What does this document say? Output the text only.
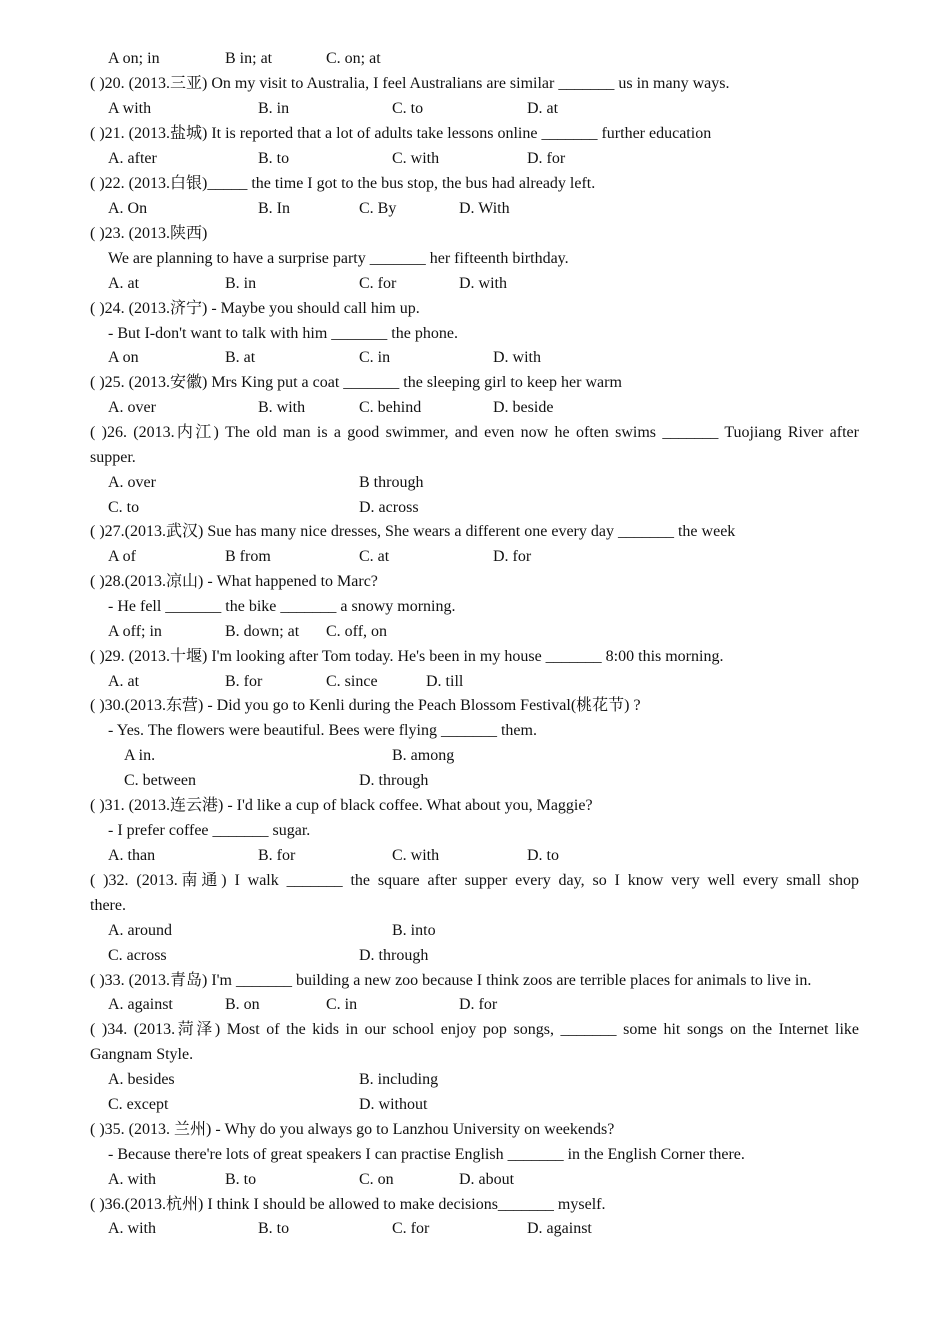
A on; in	B in; at	C. on; at
( )20. (2013.三亚) On my visit to Australia, I feel Australians are similar _______ us in many ways.
A with	B. in	C. to	D. at
( )21. (2013.盐城) It is reported that a lot of adults take lessons online _______ further education
A. after	B. to	C. with	D. for
( )22. (2013.白银)_____ the time I got to the bus stop, the bus had already left.
A. On	B. In	C. By	D. With
( )23. (2013.陕西)
We are planning to have a surprise party _______ her fifteenth birthday.
A. at	B. in	C. for	D. with
( )24. (2013.济宁) - Maybe you should call him up.
- But I-don't want to talk with him _______ the phone.
A on	B. at	C. in	D. with
( )25. (2013.安徽) Mrs King put a coat _______ the sleeping girl to keep her warm
A. over	B. with	C. behind	D. beside
( )26. (2013.内江) The old man is a good swimmer, and even now he often swims _______ Tuojiang River after
supper.
A. over	B through
C. to	D. across
( )27.(2013.武汉) Sue has many nice dresses, She wears a different one every day _______ the week
A of	B from	C. at	D. for
( )28.(2013.凉山) - What happened to Marc?
- He fell _______ the bike _______ a snowy morning.
A off; in	B. down; at C. off, on
( )29. (2013.十堰) I'm looking after Tom today. He's been in my house _______ 8:00 this morning.
A. at	B. for	C. since	D. till
( )30.(2013.东营) - Did you go to Kenli during the Peach Blossom Festival(桃花节) ?
- Yes. The flowers were beautiful. Bees were flying _______ them.
A in.	B. among
C. between	D. through
( )31. (2013.连云港) - I'd like a cup of black coffee. What about you, Maggie?
- I prefer coffee _______ sugar.
A. than	B. for	C. with	D. to
( )32. (2013.南通) I walk _______ the square after supper every day, so I know very well every small shop
there.
A. around	B. into
C. across	D. through
( )33. (2013.青岛) I'm _______ building a new zoo because I think zoos are terrible places for animals to live in.
A. against	B. on	C. in	D. for
( )34. (2013.菏泽) Most of the kids in our school enjoy pop songs, _______ some hit songs on the Internet like
Gangnam Style.
A. besides	B. including
C. except	D. without
( )35. (2013. 兰州) - Why do you always go to Lanzhou University on weekends?
- Because there're lots of great speakers I can practise English _______ in the English Corner there.
A. with	B. to	C. on	D. about
( )36.(2013.杭州) I think I should be allowed to make decisions_______ myself.
A. with	B. to	C. for	D. against
